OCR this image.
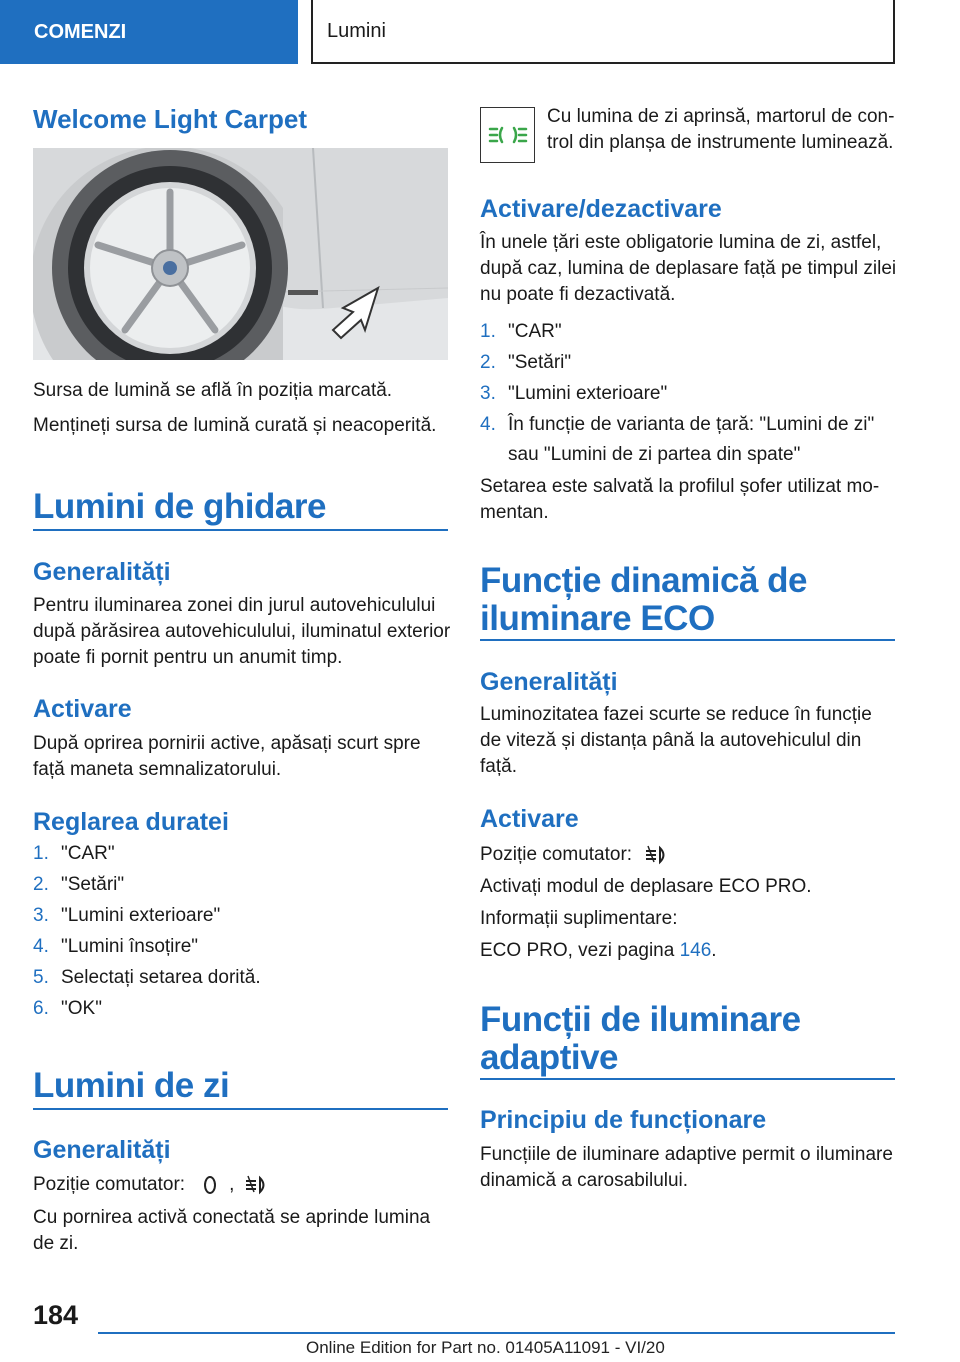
COMENZI	Lumini
Welcome Light Carpet
Sursa de lumină se află în poziția marcată.
Mențineți sursa de lumină curată și neacoperită.
Lumini de ghidare
Generalități
Pentru iluminarea zonei din jurul autovehiculului
după părăsirea autovehiculului, iluminatul exterior
poate fi pornit pentru un anumit timp.
Activare
După oprirea pornirii active, apăsați scurt spre
față maneta semnalizatorului.
Reglarea duratei
1. "CAR"
2. "Setări"
3. "Lumini exterioare"
4. "Lumini însoțire"
5. Selectați setarea dorită.
6. "OK"
Lumini de zi
Generalități
Poziție comutator: ,
Cu pornirea activă conectată se aprinde lumina
de zi.
Cu lumina de zi aprinsă, martorul de con-
trol din planșa de instrumente luminează.
Activare/dezactivare
În unele țări este obligatorie lumina de zi, astfel,
după caz, lumina de deplasare față pe timpul zilei
nu poate fi dezactivată.
1. "CAR"
2. "Setări"
3. "Lumini exterioare"
4. În funcție de varianta de țară: "Lumini de zi"
sau "Lumini de zi partea din spate"
Setarea este salvată la profilul șofer utilizat mo-
mentan.
Funcție dinamică de
iluminare ECO
Generalități
Luminozitatea fazei scurte se reduce în funcție
de viteză și distanța până la autovehiculul din
față.
Activare
Poziție comutator:
Activați modul de deplasare ECO PRO.
Informații suplimentare:
ECO PRO, vezi pagina 146.
Funcții de iluminare
adaptive
Principiu de funcționare
Funcțiile de iluminare adaptive permit o iluminare
dinamică a carosabilului.
184
Online Edition for Part no. 01405A11091 - VI/20
